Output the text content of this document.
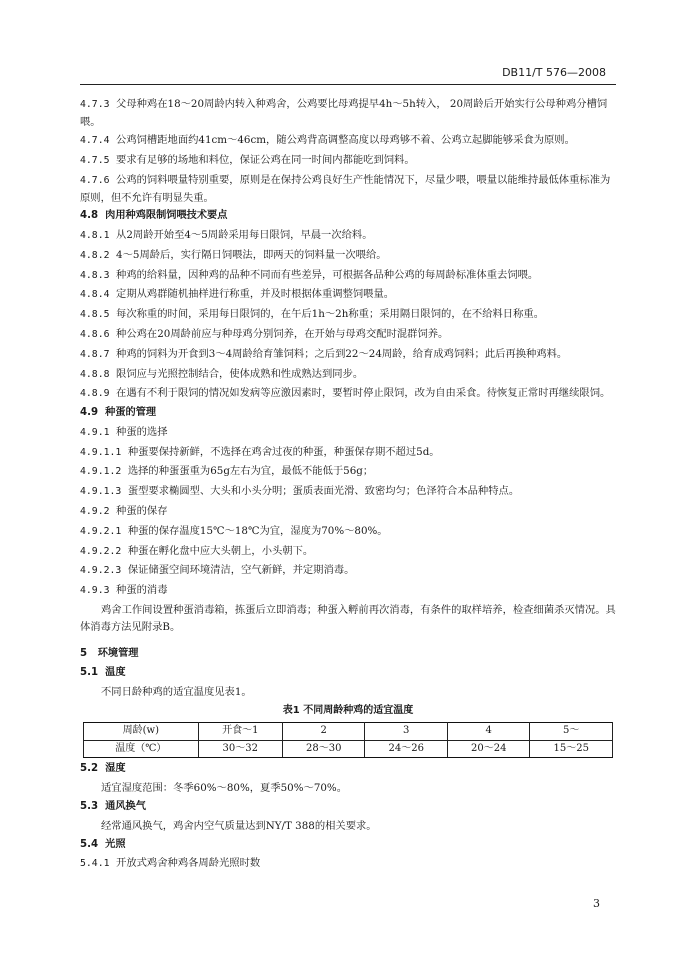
DB11/T 576—2008

4.7.3 父母种鸡在18～20周龄内转入种鸡舍，公鸡要比母鸡提早4h～5h转入， 20周龄后开始实行公母种鸡分槽饲喂。

4.7.4 公鸡饲槽距地面约41cm～46cm，随公鸡背高调整高度以母鸡够不着、公鸡立起脚能够采食为原则。

4.7.5 要求有足够的场地和料位，保证公鸡在同一时间内都能吃到饲料。

4.7.6 公鸡的饲料喂量特别重要，原则是在保持公鸡良好生产性能情况下，尽量少喂，喂量以能维持最低体重标准为原则，但不允许有明显失重。

4.8 肉用种鸡限制饲喂技术要点

4.8.1 从2周龄开始至4～5周龄采用每日限饲，早晨一次给料。

4.8.2 4～5周龄后，实行隔日饲喂法，即两天的饲料量一次喂给。

4.8.3 种鸡的给料量，因种鸡的品种不同而有些差异，可根据各品种公鸡的每周龄标准体重去饲喂。

4.8.4 定期从鸡群随机抽样进行称重，并及时根据体重调整饲喂量。

4.8.5 每次称重的时间，采用每日限饲的，在午后1h～2h称重；采用隔日限饲的，在不给料日称重。

4.8.6 种公鸡在20周龄前应与种母鸡分别饲养，在开始与母鸡交配时混群饲养。

4.8.7 种鸡的饲料为开食到3～4周龄给育雏饲料；之后到22～24周龄，给育成鸡饲料；此后再换种鸡料。

4.8.8 限饲应与光照控制结合，使体成熟和性成熟达到同步。

4.8.9 在遇有不利于限饲的情况如发病等应激因素时，要暂时停止限饲，改为自由采食。待恢复正常时再继续限饲。

4.9 种蛋的管理

4.9.1 种蛋的选择

4.9.1.1 种蛋要保持新鲜，不选择在鸡舍过夜的种蛋，种蛋保存期不超过5d。

4.9.1.2 选择的种蛋蛋重为65g左右为宜，最低不能低于56g；

4.9.1.3 蛋型要求椭圆型、大头和小头分明；蛋质表面光滑、致密均匀；色泽符合本品种特点。

4.9.2 种蛋的保存

4.9.2.1 种蛋的保存温度15℃～18℃为宜，湿度为70%～80%。

4.9.2.2 种蛋在孵化盘中应大头朝上，小头朝下。

4.9.2.3 保证储蛋空间环境清洁，空气新鲜，并定期消毒。

4.9.3 种蛋的消毒

鸡舍工作间设置种蛋消毒箱，拣蛋后立即消毒；种蛋入孵前再次消毒，有条件的取样培养，检查细菌杀灭情况。具体消毒方法见附录B。

5 环境管理

5.1 温度

不同日龄种鸡的适宜温度见表1。

表1 不同周龄种鸡的适宜温度
周龄(w)	开食～1	2	3	4	5～
温度（℃）	30～32	28～30	24～26	20～24	15～25

5.2 湿度

适宜湿度范围：冬季60%～80%，夏季50%～70%。

5.3 通风换气

经常通风换气，鸡舍内空气质量达到NY/T 388的相关要求。

5.4 光照

5.4.1 开放式鸡舍种鸡各周龄光照时数

3
